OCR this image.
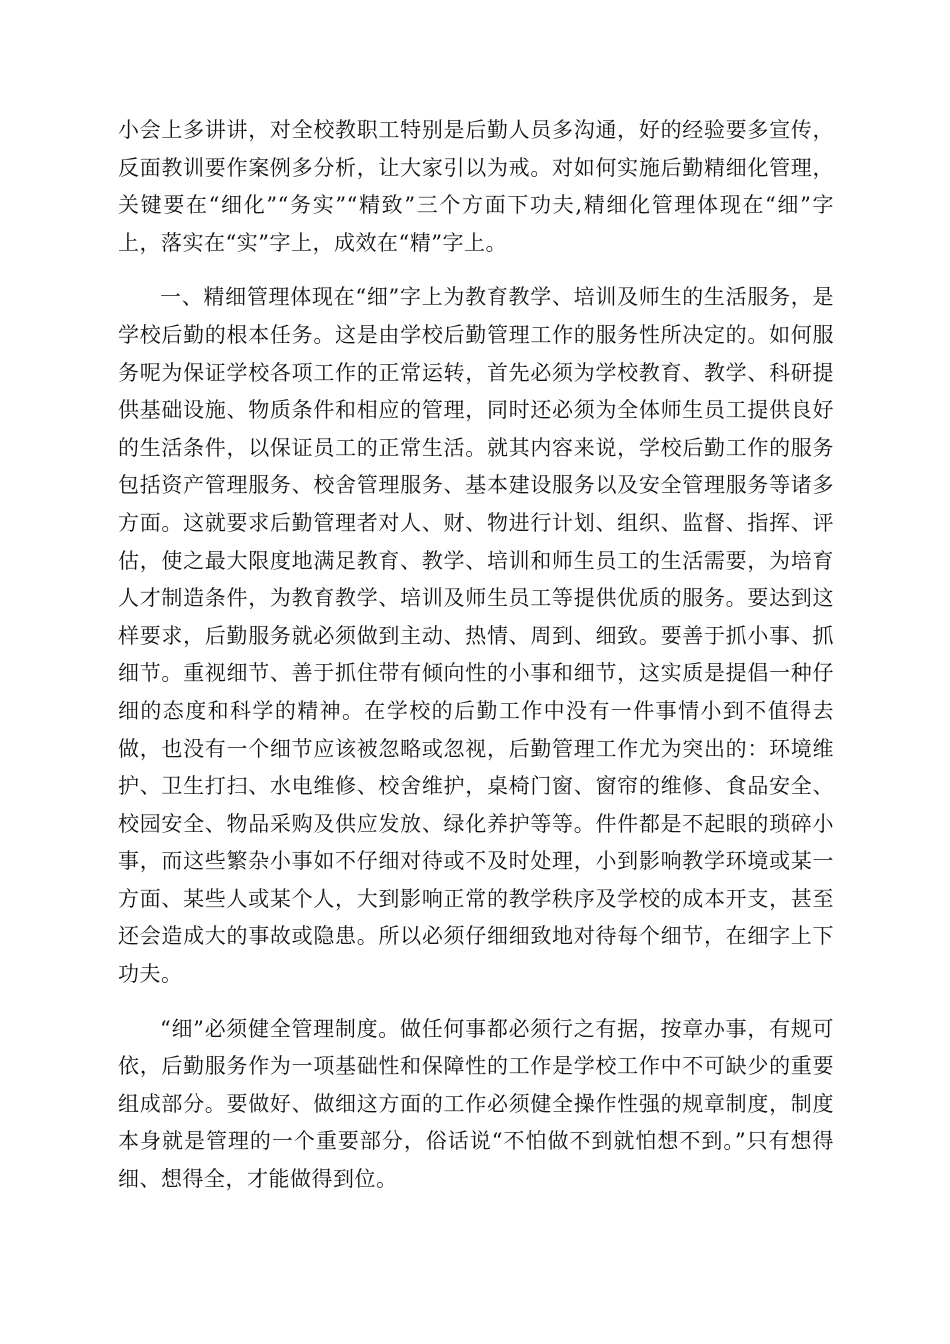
小会上多讲讲，对全校教职工特别是后勤人员多沟通，好的经验要多宣传，反面教训要作案例多分析，让大家引以为戒。对如何实施后勤精细化管理，关键要在“细化”“务实”“精致”三个方面下功夫,精细化管理体现在“细”字上，落实在“实”字上，成效在“精”字上。

一、精细管理体现在“细”字上为教育教学、培训及师生的生活服务，是学校后勤的根本任务。这是由学校后勤管理工作的服务性所决定的。如何服务呢为保证学校各项工作的正常运转，首先必须为学校教育、教学、科研提供基础设施、物质条件和相应的管理，同时还必须为全体师生员工提供良好的生活条件，以保证员工的正常生活。就其内容来说，学校后勤工作的服务包括资产管理服务、校舍管理服务、基本建设服务以及安全管理服务等诸多方面。这就要求后勤管理者对人、财、物进行计划、组织、监督、指挥、评估，使之最大限度地满足教育、教学、培训和师生员工的生活需要，为培育人才制造条件，为教育教学、培训及师生员工等提供优质的服务。要达到这样要求，后勤服务就必须做到主动、热情、周到、细致。要善于抓小事、抓细节。重视细节、善于抓住带有倾向性的小事和细节，这实质是提倡一种仔细的态度和科学的精神。在学校的后勤工作中没有一件事情小到不值得去做，也没有一个细节应该被忽略或忽视，后勤管理工作尤为突出的：环境维护、卫生打扫、水电维修、校舍维护，桌椅门窗、窗帘的维修、食品安全、校园安全、物品采购及供应发放、绿化养护等等。件件都是不起眼的琐碎小事，而这些繁杂小事如不仔细对待或不及时处理，小到影响教学环境或某一方面、某些人或某个人，大到影响正常的教学秩序及学校的成本开支，甚至还会造成大的事故或隐患。所以必须仔细细致地对待每个细节，在细字上下功夫。

“细”必须健全管理制度。做任何事都必须行之有据，按章办事，有规可依，后勤服务作为一项基础性和保障性的工作是学校工作中不可缺少的重要组成部分。要做好、做细这方面的工作必须健全操作性强的规章制度，制度本身就是管理的一个重要部分，俗话说“不怕做不到就怕想不到。”只有想得细、想得全，才能做得到位。
